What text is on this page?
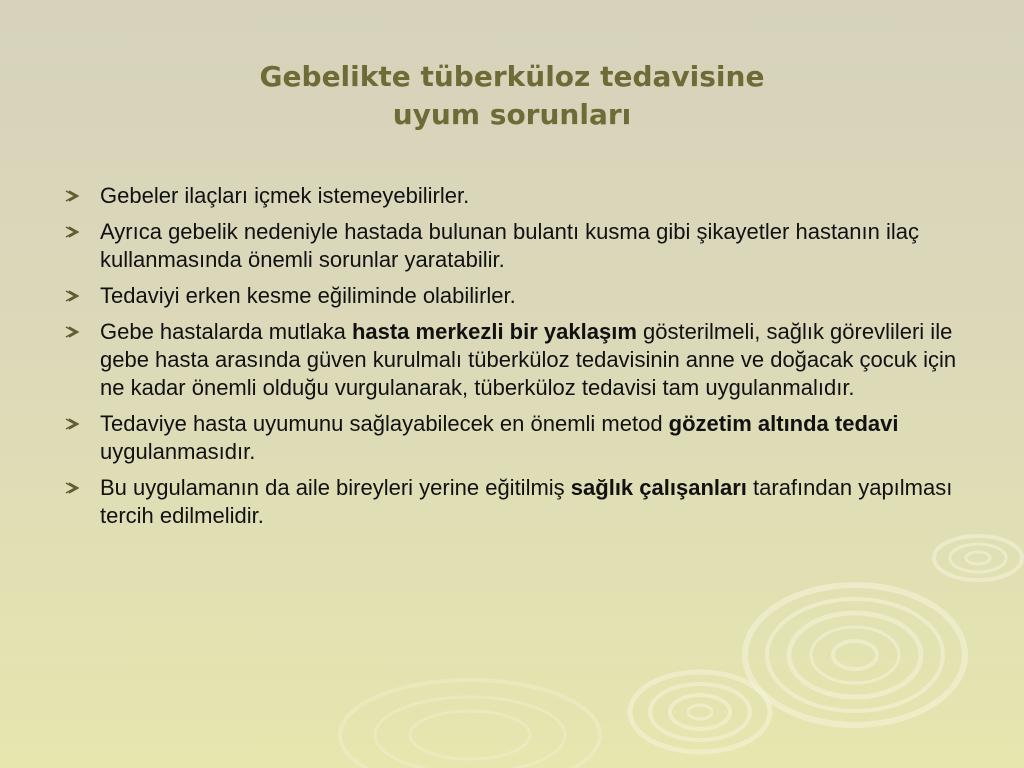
Gebelikte tüberküloz tedavisine
uyum sorunları
Gebeler ilaçları içmek istemeyebilirler.
Ayrıca gebelik nedeniyle hastada bulunan bulantı kusma gibi şikayetler hastanın ilaç kullanmasında önemli sorunlar yaratabilir.
Tedaviyi erken kesme eğiliminde olabilirler.
Gebe hastalarda mutlaka hasta merkezli bir yaklaşım gösterilmeli, sağlık görevlileri ile gebe hasta arasında güven kurulmalı tüberküloz tedavisinin anne ve doğacak çocuk için ne kadar önemli olduğu vurgulanarak, tüberküloz tedavisi tam uygulanmalıdır.
Tedaviye hasta uyumunu sağlayabilecek en önemli metod gözetim altında tedavi uygulanmasıdır.
Bu uygulamanın da aile bireyleri yerine eğitilmiş sağlık çalışanları tarafından yapılması tercih edilmelidir.
